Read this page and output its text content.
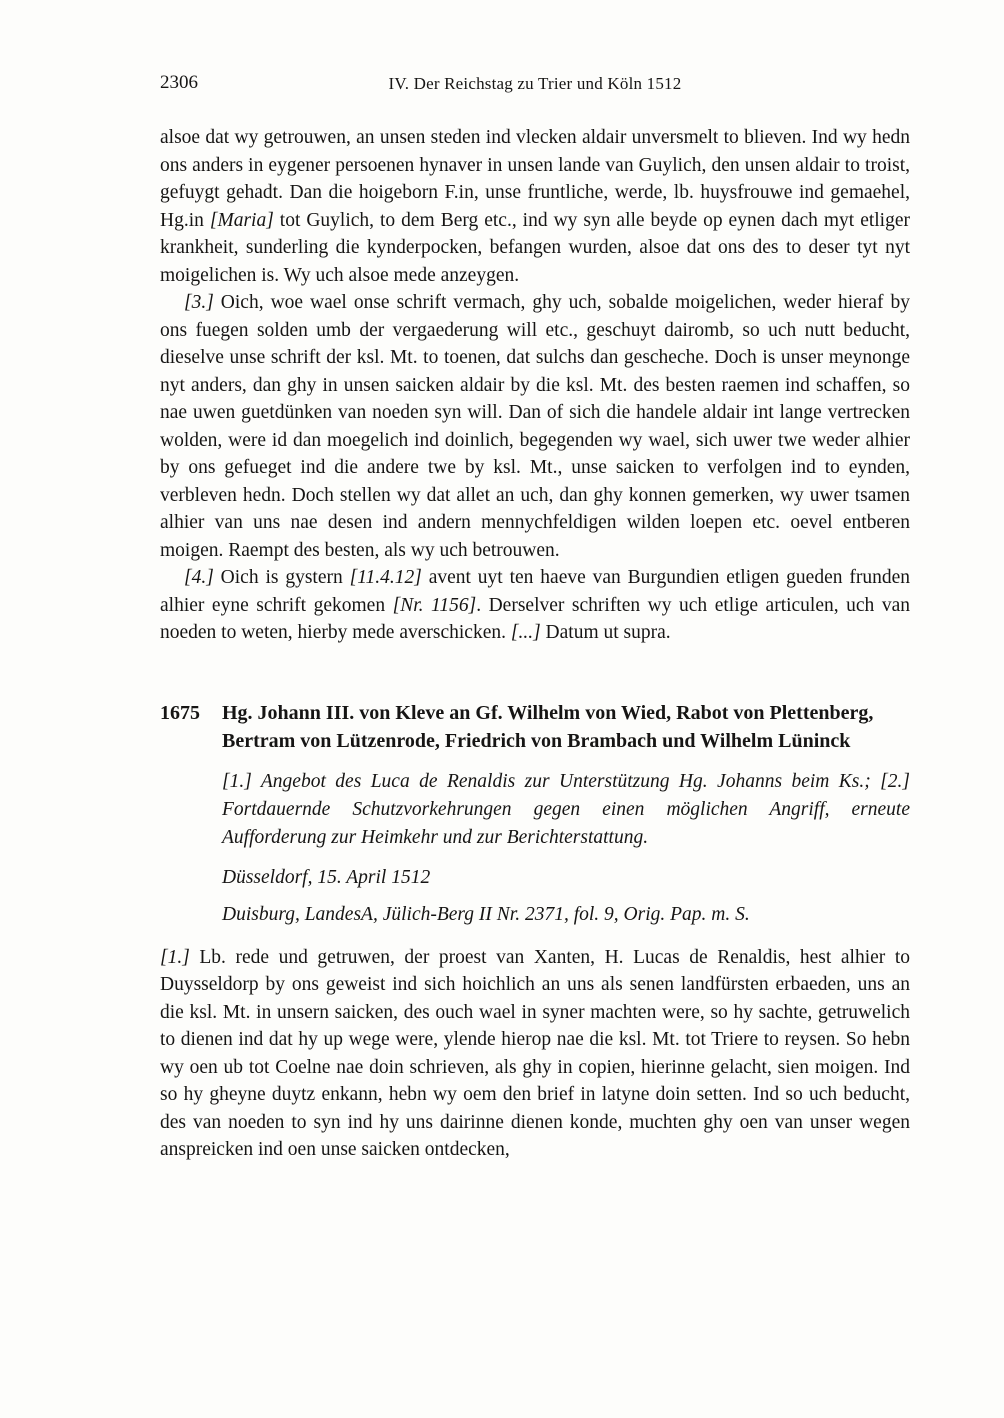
2306	IV. Der Reichstag zu Trier und Köln 1512

alsoe dat wy getrouwen, an unsen steden ind vlecken aldair unversmelt to blieven. Ind wy hedn ons anders in eygener persoenen hynaver in unsen lande van Guylich, den unsen aldair to troist, gefuygt gehadt. Dan die hoigeborn F.in, unse fruntliche, werde, lb. huysfrouwe ind gemaehel, Hg.in [Maria] tot Guylich, to dem Berg etc., ind wy syn alle beyde op eynen dach myt etliger krankheit, sunderling die kynderpocken, befangen wurden, alsoe dat ons des to deser tyt nyt moigelichen is. Wy uch alsoe mede anzeygen.

[3.] Oich, woe wael onse schrift vermach, ghy uch, sobalde moigelichen, weder hieraf by ons fuegen solden umb der vergaederung will etc., geschuyt dairomb, so uch nutt beducht, dieselve unse schrift der ksl. Mt. to toenen, dat sulchs dan gescheche. Doch is unser meynonge nyt anders, dan ghy in unsen saicken aldair by die ksl. Mt. des besten raemen ind schaffen, so nae uwen guetdünken van noeden syn will. Dan of sich die handele aldair int lange vertrecken wolden, were id dan moegelich ind doinlich, begegenden wy wael, sich uwer twe weder alhier by ons gefueget ind die andere twe by ksl. Mt., unse saicken to verfolgen ind to eynden, verbleven hedn. Doch stellen wy dat allet an uch, dan ghy konnen gemerken, wy uwer tsamen alhier van uns nae desen ind andern mennychfeldigen wilden loepen etc. oevel entberen moigen. Raempt des besten, als wy uch betrouwen.

[4.] Oich is gystern [11.4.12] avent uyt ten haeve van Burgundien etligen gueden frunden alhier eyne schrift gekomen [Nr. 1156]. Derselver schriften wy uch etlige articulen, uch van noeden to weten, hierby mede averschicken. [...] Datum ut supra.

1675 Hg. Johann III. von Kleve an Gf. Wilhelm von Wied, Rabot von Plettenberg, Bertram von Lützenrode, Friedrich von Brambach und Wilhelm Lüninck

[1.] Angebot des Luca de Renaldis zur Unterstützung Hg. Johanns beim Ks.; [2.] Fortdauernde Schutzvorkehrungen gegen einen möglichen Angriff, erneute Aufforderung zur Heimkehr und zur Berichterstattung.

Düsseldorf, 15. April 1512

Duisburg, LandesA, Jülich-Berg II Nr. 2371, fol. 9, Orig. Pap. m. S.

[1.] Lb. rede und getruwen, der proest van Xanten, H. Lucas de Renaldis, hest alhier to Duysseldorp by ons geweist ind sich hoichlich an uns als senen landfürsten erbaeden, uns an die ksl. Mt. in unsern saicken, des ouch wael in syner machten were, so hy sachte, getruwelich to dienen ind dat hy up wege were, ylende hierop nae die ksl. Mt. tot Triere to reysen. So hebn wy oen ub tot Coelne nae doin schrieven, als ghy in copien, hierinne gelacht, sien moigen. Ind so hy gheyne duytz enkann, hebn wy oem den brief in latyne doin setten. Ind so uch beducht, des van noeden to syn ind hy uns dairinne dienen konde, muchten ghy oen van unser wegen anspreicken ind oen unse saicken ontdecken,
